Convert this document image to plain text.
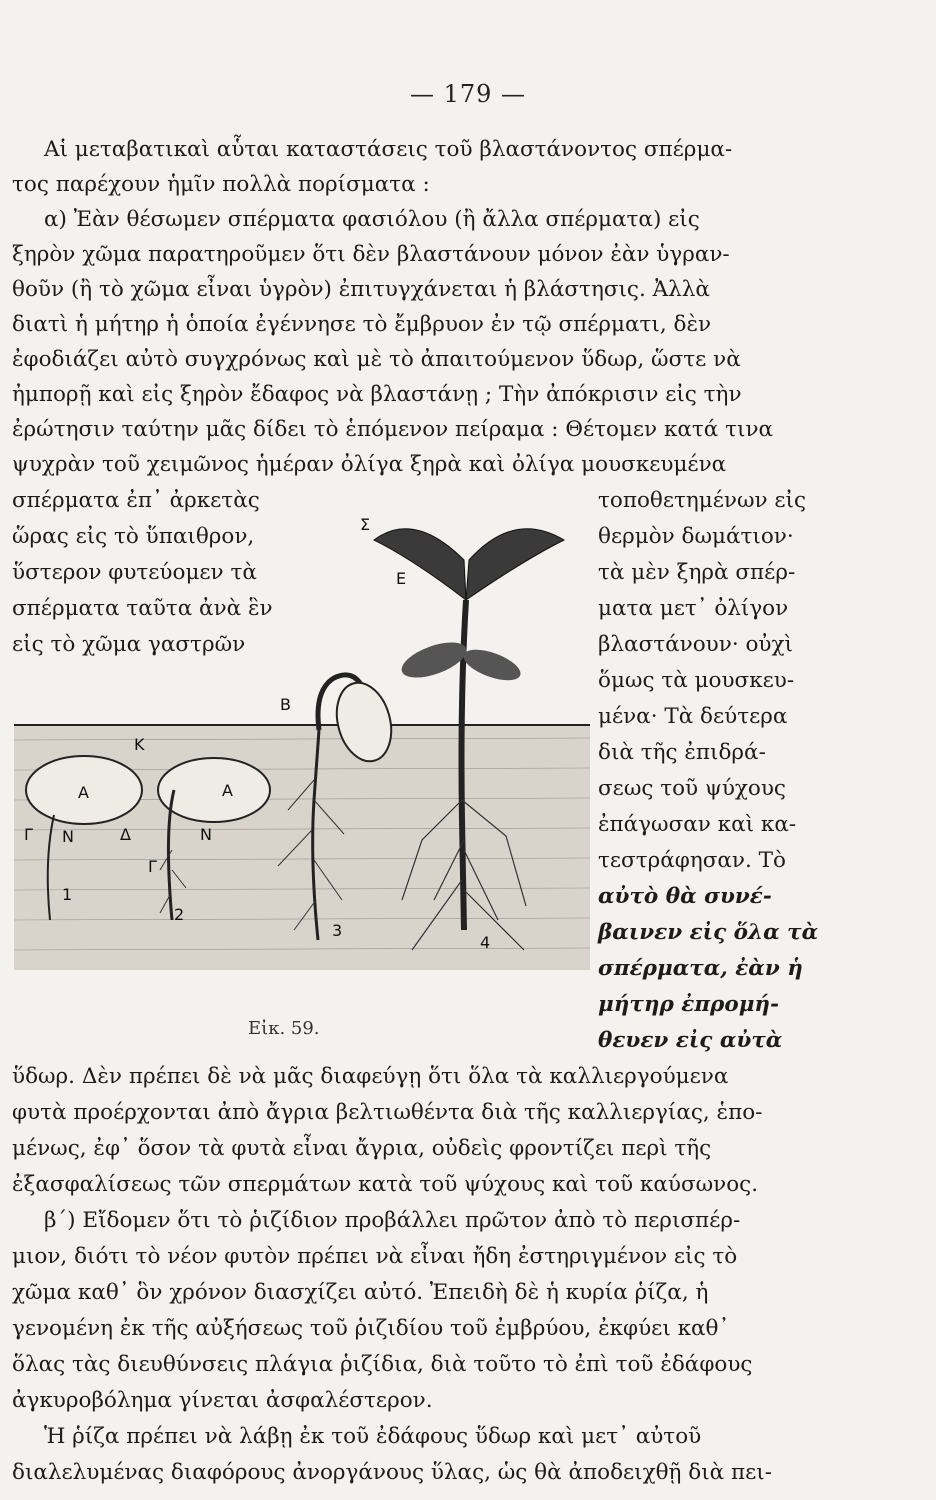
— 179 —
Αἱ μεταβατικαὶ αὗται καταστάσεις τοῦ βλαστάνοντος σπέρμα-
τος παρέχουν ἡμῖν πολλὰ πορίσματα :
α) Ἐὰν θέσωμεν σπέρματα φασιόλου (ἢ ἄλλα σπέρματα) εἰς
ξηρὸν χῶμα παρατηροῦμεν ὅτι δὲν βλαστάνουν μόνον ἐὰν ὑγραν-
θοῦν (ἢ τὸ χῶμα εἶναι ὑγρὸν) ἐπιτυγχάνεται ἡ βλάστησις. Ἀλλὰ
διατὶ ἡ μήτηρ ἡ ὁποία ἐγέννησε τὸ ἔμβρυον ἐν τῷ σπέρματι, δὲν
ἐφοδιάζει αὐτὸ συγχρόνως καὶ μὲ τὸ ἀπαιτούμενον ὕδωρ, ὥστε νὰ
ἠμπορῇ καὶ εἰς ξηρὸν ἔδαφος νὰ βλαστάνῃ ; Τὴν ἀπόκρισιν εἰς τὴν
ἐρώτησιν ταύτην μᾶς δίδει τὸ ἑπόμενον πείραμα : Θέτομεν κατά τινα
ψυχρὰν τοῦ χειμῶνος ἡμέραν ὀλίγα ξηρὰ καὶ ὀλίγα μουσκευμένα
σπέρματα ἐπ᾽ ἀρκετὰς
ὥρας εἰς τὸ ὕπαιθρον,
ὕστερον φυτεύομεν τὰ
σπέρματα ταῦτα ἀνὰ ἓν
εἰς τὸ χῶμα γαστρῶν
τοποθετημένων εἰς
θερμὸν δωμάτιον·
τὰ μὲν ξηρὰ σπέρ-
ματα μετ᾽ ὀλίγον
βλαστάνουν· οὐχὶ
ὅμως τὰ μουσκευ-
μένα· Τὰ δεύτερα
διὰ τῆς ἐπιδρά-
σεως τοῦ ψύχους
ἐπάγωσαν καὶ κα-
τεστράφησαν. Τὸ
αὐτὸ θὰ συνέ-
βαινεν εἰς ὅλα τὰ
σπέρματα, ἐὰν ἡ
μήτηρ ἐπρομή-
θευεν εἰς αὐτὰ
Σ
Ε
Β
Α	Α
Ν	Ν
Γ
Γ
Δ
Κ
1
2
3
4
Εἰκ. 59.
ὕδωρ. Δὲν πρέπει δὲ νὰ μᾶς διαφεύγῃ ὅτι ὅλα τὰ καλλιεργούμενα
φυτὰ προέρχονται ἀπὸ ἄγρια βελτιωθέντα διὰ τῆς καλλιεργίας, ἑπο-
μένως, ἐφ᾽ ὅσον τὰ φυτὰ εἶναι ἄγρια, οὐδεὶς φροντίζει περὶ τῆς
ἐξασφαλίσεως τῶν σπερμάτων κατὰ τοῦ ψύχους καὶ τοῦ καύσωνος.
β΄) Εἴδομεν ὅτι τὸ ῥιζίδιον προβάλλει πρῶτον ἀπὸ τὸ περισπέρ-
μιον, διότι τὸ νέον φυτὸν πρέπει νὰ εἶναι ἤδη ἐστηριγμένον εἰς τὸ
χῶμα καθ᾽ ὃν χρόνον διασχίζει αὐτό. Ἐπειδὴ δὲ ἡ κυρία ῥίζα, ἡ
γενομένη ἐκ τῆς αὐξήσεως τοῦ ῥιζιδίου τοῦ ἐμβρύου, ἐκφύει καθ᾽
ὅλας τὰς διευθύνσεις πλάγια ῥιζίδια, διὰ τοῦτο τὸ ἐπὶ τοῦ ἐδάφους
ἀγκυροβόλημα γίνεται ἀσφαλέστερον.
Ἡ ῥίζα πρέπει νὰ λάβῃ ἐκ τοῦ ἐδάφους ὕδωρ καὶ μετ᾽ αὐτοῦ
διαλελυμένας διαφόρους ἀνοργάνους ὕλας, ὡς θὰ ἀποδειχθῇ διὰ πει-
